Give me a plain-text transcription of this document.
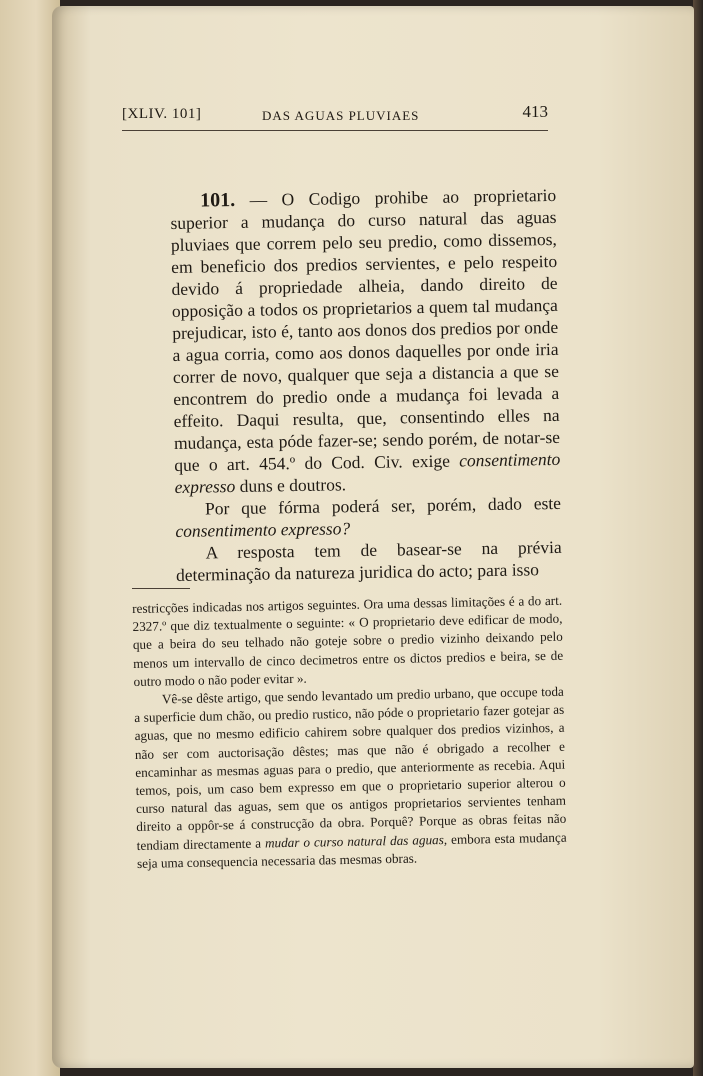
[XLIV. 101]	DAS AGUAS PLUVIAES	413

101. — O Codigo prohibe ao proprietario superior a mudança do curso natural das aguas pluviaes que correm pelo seu predio, como dissemos, em beneficio dos predios servientes, e pelo respeito devido á propriedade alheia, dando direito de opposição a todos os proprietarios a quem tal mudança prejudicar, isto é, tanto aos donos dos predios por onde a agua corria, como aos donos daquelles por onde iria correr de novo, qualquer que seja a distancia a que se encontrem do predio onde a mudança foi levada a effeito. Daqui resulta, que, consentindo elles na mudança, esta póde fazer-se; sendo porém, de notar-se que o art. 454.º do Cod. Civ. exige consentimento expresso duns e doutros.

Por que fórma poderá ser, porém, dado este consentimento expresso?

A resposta tem de basear-se na prévia determinação da natureza juridica do acto; para isso

restricções indicadas nos artigos seguintes. Ora uma dessas limitações é a do art. 2327.º que diz textualmente o seguinte: « O proprietario deve edificar de modo, que a beira do seu telhado não goteje sobre o predio vizinho deixando pelo menos um intervallo de cinco decimetros entre os dictos predios e beira, se de outro modo o não poder evitar ».

Vê-se dêste artigo, que sendo levantado um predio urbano, que occupe toda a superficie dum chão, ou predio rustico, não póde o proprietario fazer gotejar as aguas, que no mesmo edificio cahirem sobre qualquer dos predios vizinhos, a não ser com auctorisação dêstes; mas que não é obrigado a recolher e encaminhar as mesmas aguas para o predio, que anteriormente as recebia. Aqui temos, pois, um caso bem expresso em que o proprietario superior alterou o curso natural das aguas, sem que os antigos proprietarios servientes tenham direito a oppôr-se á construcção da obra. Porquê? Porque as obras feitas não tendiam directamente a mudar o curso natural das aguas, embora esta mudança seja uma consequencia necessaria das mesmas obras.
